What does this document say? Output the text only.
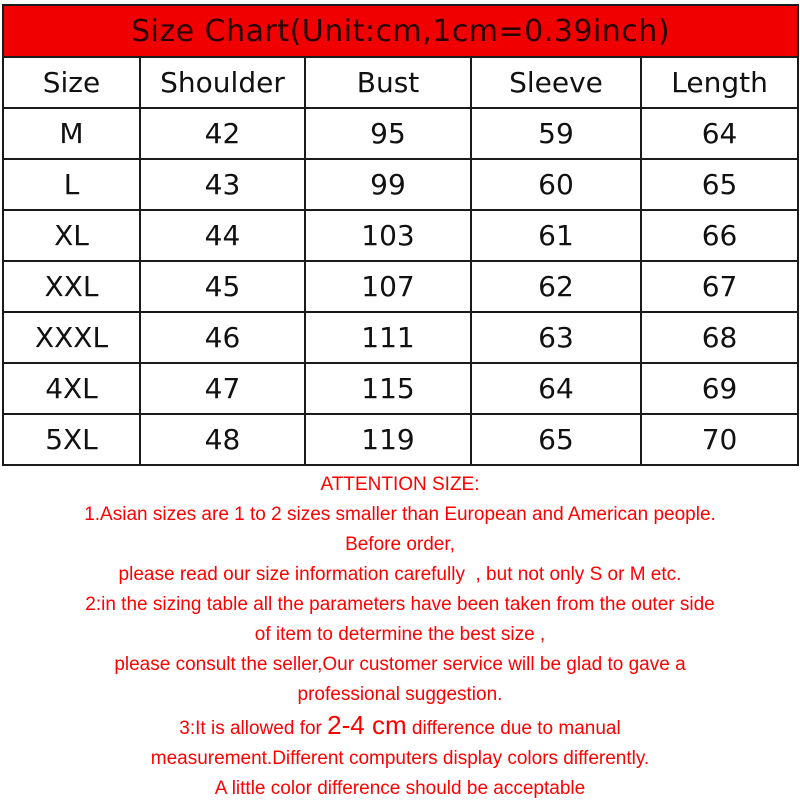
Size Chart(Unit:cm,1cm=0.39inch)				
Size	Shoulder	Bust	Sleeve	Length
M	42	95	59	64
L	43	99	60	65
XL	44	103	61	66
XXL	45	107	62	67
XXXL	46	111	63	68
4XL	47	115	64	69
5XL	48	119	65	70
ATTENTION SIZE:
1.Asian sizes are 1 to 2 sizes smaller than European and American people.
Before order,
please read our size information carefully  , but not only S or M etc.
2:in the sizing table all the parameters have been taken from the outer side
of item to determine the best size ,
please consult the seller,Our customer service will be glad to gave a
professional suggestion.
3:It is allowed for 2-4 cm difference due to manual
measurement.Different computers display colors differently.
A little color difference should be acceptable
